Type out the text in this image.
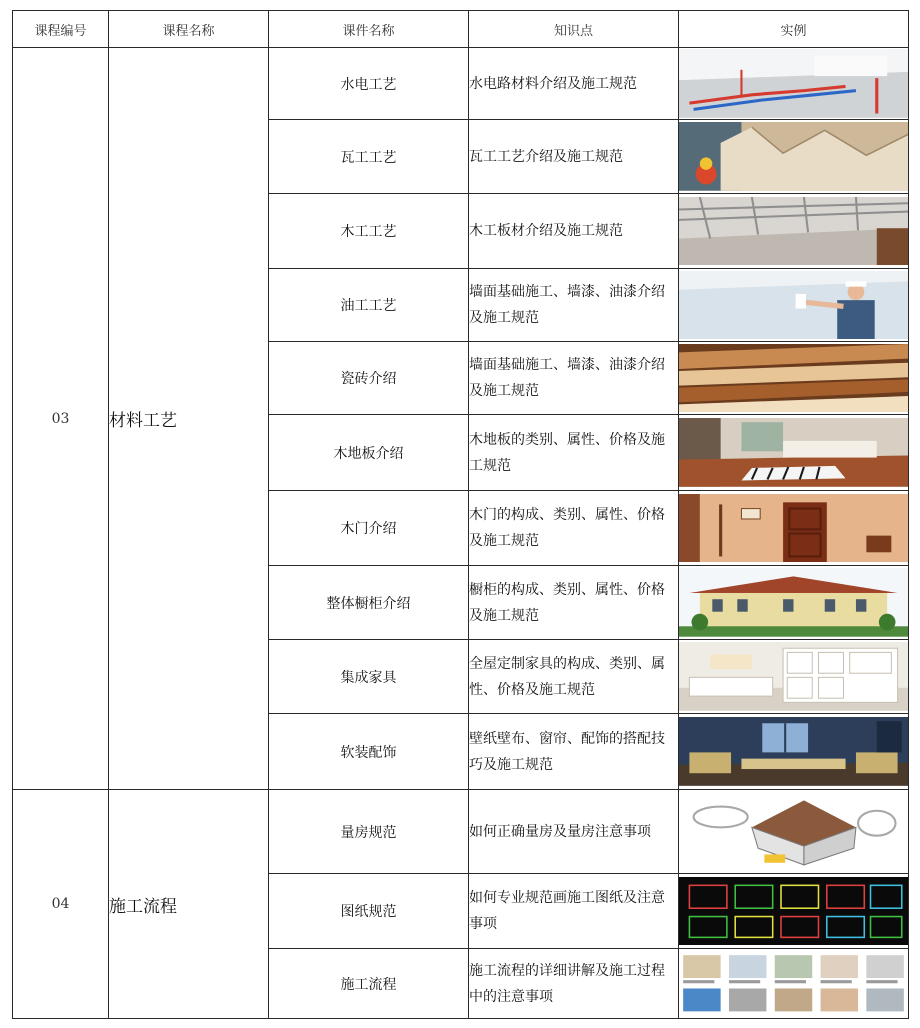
课程编号	课程名称	课件名称	知识点	实例
03	材料工艺	水电工艺	水电路材料介绍及施工规范	

		瓦工工艺	瓦工工艺介绍及施工规范	

		木工工艺	木工板材介绍及施工规范	

		油工工艺	墙面基础施工、墙漆、油漆介绍及施工规范	

		瓷砖介绍	墙面基础施工、墙漆、油漆介绍及施工规范	

		木地板介绍	木地板的类别、属性、价格及施工规范	

		木门介绍	木门的构成、类别、属性、价格及施工规范	

		整体橱柜介绍	橱柜的构成、类别、属性、价格及施工规范	

		集成家具	全屋定制家具的构成、类别、属性、价格及施工规范	

		软装配饰	壁纸壁布、窗帘、配饰的搭配技巧及施工规范	

04	施工流程	量房规范	如何正确量房及量房注意事项	

		图纸规范	如何专业规范画施工图纸及注意事项	

		施工流程	施工流程的详细讲解及施工过程中的注意事项	
